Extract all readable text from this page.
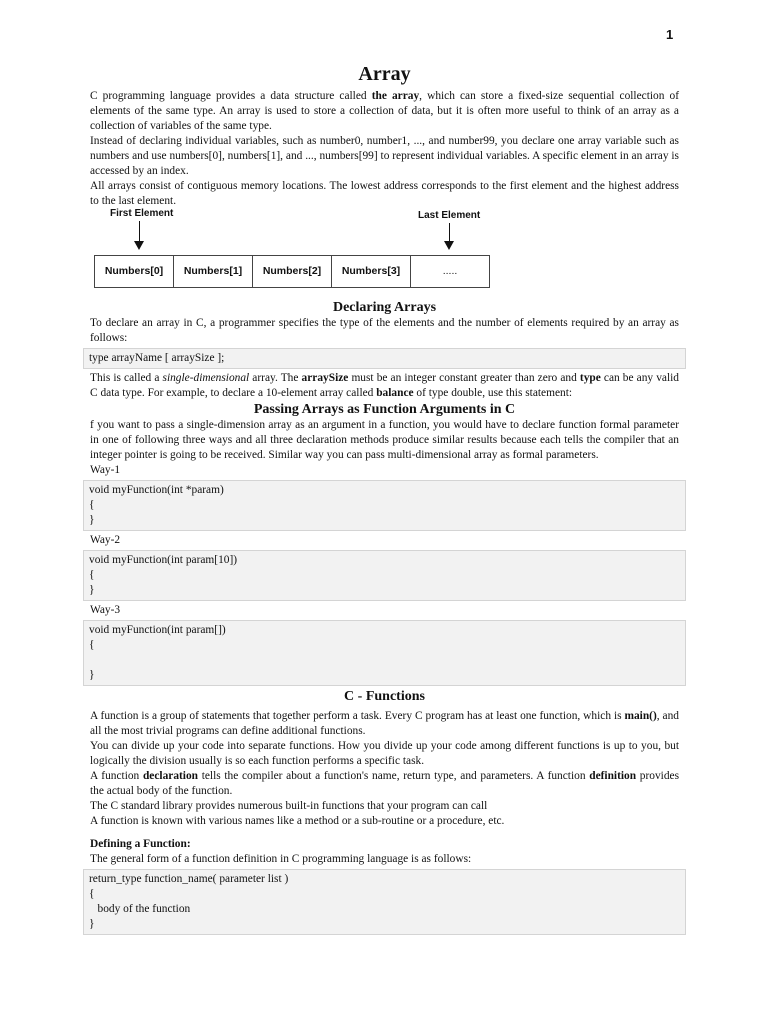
1
Array

C programming language provides a data structure called the array, which can store a fixed-size sequential collection of elements of the same type. An array is used to store a collection of data, but it is often more useful to think of an array as a collection of variables of the same type.

Instead of declaring individual variables, such as number0, number1, ..., and number99, you declare one array variable such as numbers and use numbers[0], numbers[1], and ..., numbers[99] to represent individual variables. A specific element in an array is accessed by an index.

All arrays consist of contiguous memory locations. The lowest address corresponds to the first element and the highest address to the last element.

First Element	Last Element
Numbers[0]	Numbers[1]	Numbers[2]	Numbers[3]	.....
Declaring Arrays

To declare an array in C, a programmer specifies the type of the elements and the number of elements required by an array as follows:

type arrayName [ arraySize ];

This is called a single-dimensional array. The arraySize must be an integer constant greater than zero and type can be any valid C data type. For example, to declare a 10-element array called balance of type double, use this statement:

Passing Arrays as Function Arguments in C

f you want to pass a single-dimension array as an argument in a function, you would have to declare function formal parameter in one of following three ways and all three declaration methods produce similar results because each tells the compiler that an integer pointer is going to be received. Similar way you can pass multi-dimensional array as formal parameters.

Way-1

void myFunction(int *param)
{
}

Way-2

void myFunction(int param[10])
{
}

Way-3

void myFunction(int param[])
{

}
C - Functions

A function is a group of statements that together perform a task. Every C program has at least one function, which is main(), and all the most trivial programs can define additional functions.

You can divide up your code into separate functions. How you divide up your code among different functions is up to you, but logically the division usually is so each function performs a specific task.

A function declaration tells the compiler about a function's name, return type, and parameters. A function definition provides the actual body of the function.

The C standard library provides numerous built-in functions that your program can call

A function is known with various names like a method or a sub-routine or a procedure, etc.

Defining a Function:

The general form of a function definition in C programming language is as follows:

return_type function_name( parameter list )
{
body of the function
}
